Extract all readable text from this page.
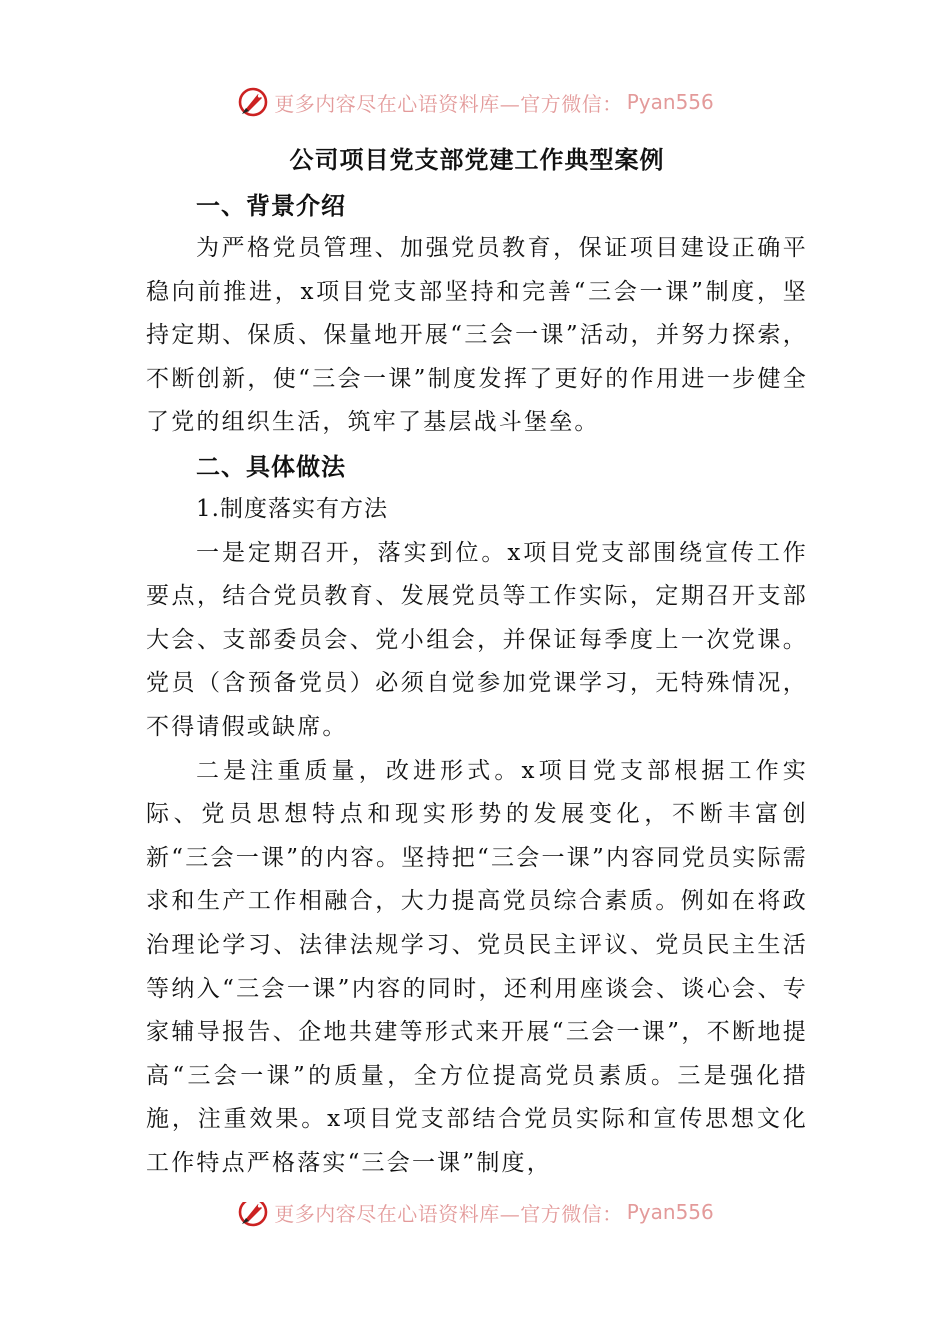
更多内容尽在心语资料库—官方微信： Pyan556
公司项目党支部党建工作典型案例
一、背景介绍

为严格党员管理、加强党员教育，保证项目建设正确平稳向前推进，x项目党支部坚持和完善“三会一课”制度，坚持定期、保质、保量地开展“三会一课”活动，并努力探索，不断创新，使“三会一课”制度发挥了更好的作用进一步健全了党的组织生活，筑牢了基层战斗堡垒。

二、具体做法

1.制度落实有方法

一是定期召开，落实到位。x项目党支部围绕宣传工作要点，结合党员教育、发展党员等工作实际，定期召开支部大会、支部委员会、党小组会，并保证每季度上一次党课。党员（含预备党员）必须自觉参加党课学习，无特殊情况，不得请假或缺席。

二是注重质量，改进形式。x项目党支部根据工作实际、党员思想特点和现实形势的发展变化，不断丰富创新“三会一课”的内容。坚持把“三会一课”内容同党员实际需求和生产工作相融合，大力提高党员综合素质。例如在将政治理论学习、法律法规学习、党员民主评议、党员民主生活等纳入“三会一课”内容的同时，还利用座谈会、谈心会、专家辅导报告、企地共建等形式来开展“三会一课”，不断地提高“三会一课”的质量，全方位提高党员素质。三是强化措施，注重效果。x项目党支部结合党员实际和宣传思想文化工作特点严格落实“三会一课”制度，

更多内容尽在心语资料库—官方微信： Pyan556
